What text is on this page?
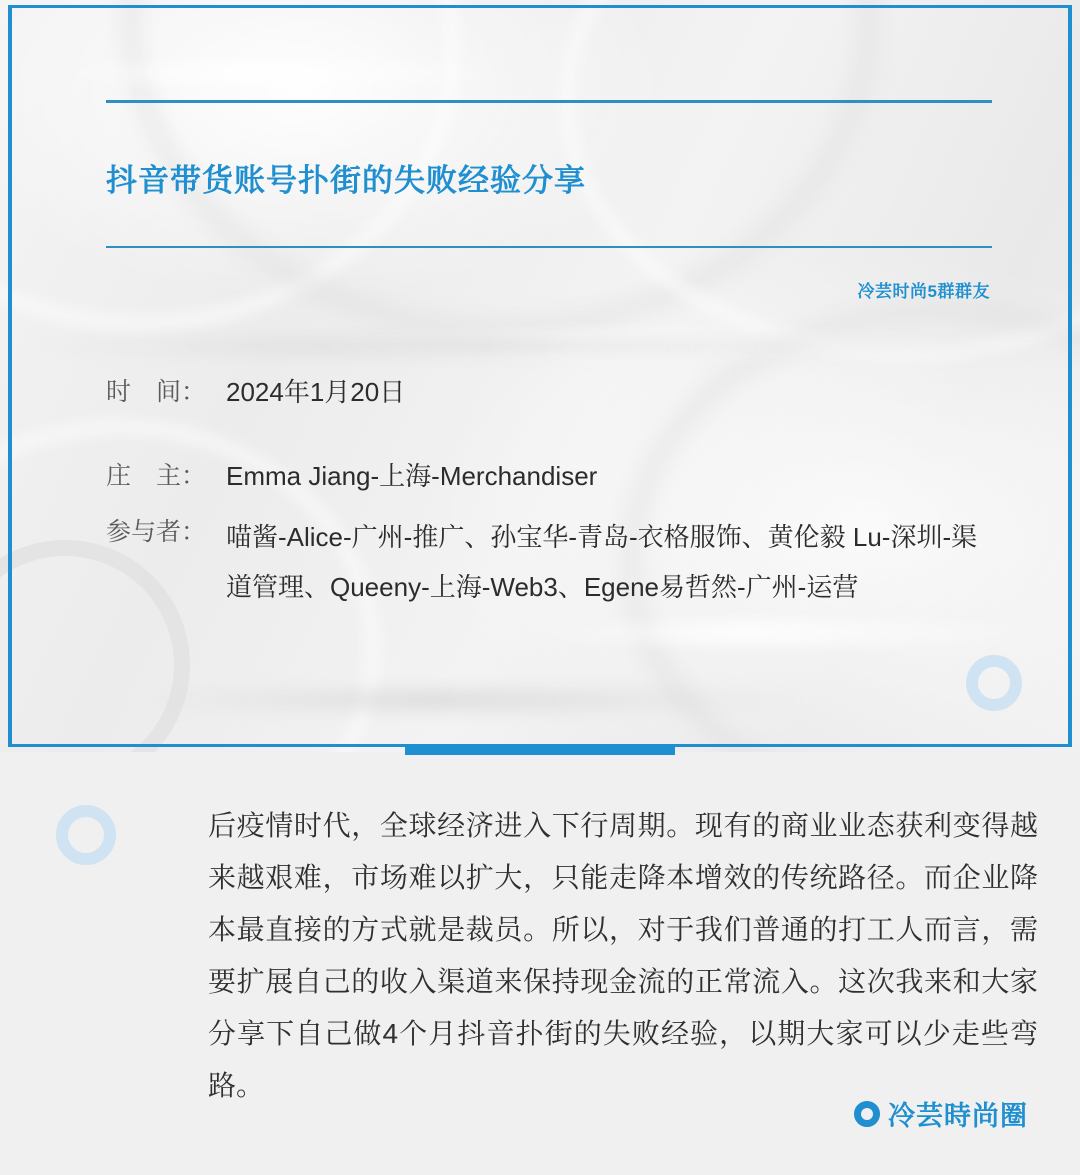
抖音带货账号扑街的失败经验分享
冷芸时尚5群群友
时　间： 2024年1月20日
庄　主： Emma Jiang-上海-Merchandiser
参与者： 喵酱-Alice-广州-推广、孙宝华-青岛-衣格服饰、黄伦毅 Lu-深圳-渠道管理、Queeny-上海-Web3、Egene易哲然-广州-运营

后疫情时代，全球经济进入下行周期。现有的商业业态获利变得越来越艰难，市场难以扩大，只能走降本增效的传统路径。而企业降本最直接的方式就是裁员。所以，对于我们普通的打工人而言，需要扩展自己的收入渠道来保持现金流的正常流入。这次我来和大家分享下自己做4个月抖音扑街的失败经验，以期大家可以少走些弯路。

冷芸時尚圈
